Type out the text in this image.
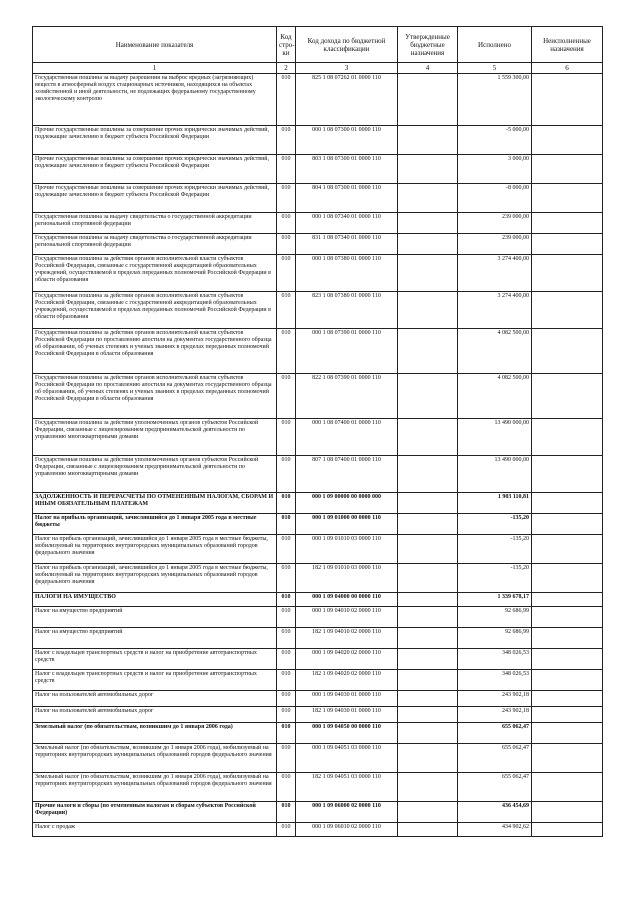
Наименование показателя	Код стро- ки	Код дохода по бюджетной классификации	Утвержденные бюджетные назначения	Исполнено	Неисполненные назначения
1	2	3	4	5	6
Государственная пошлина за выдачу разрешения на выброс вредных (загрязняющих) веществ в атмосферный воздух стационарных источников, находящихся на объектах хозяйственной и иной деятельности, не подлежащих федеральному государственному экологическому контролю	010	825 1 08 07262 01 0000 110		1 559 300,00	
Прочие государственные пошлины за совершение прочих юридически значимых действий, подлежащие зачислению в бюджет субъекта Российской Федерации	010	000 1 08 07300 01 0000 110		-5 000,00	
Прочие государственные пошлины за совершение прочих юридически значимых действий, подлежащие зачислению в бюджет субъекта Российской Федерации	010	803 1 08 07300 01 0000 110		3 000,00	
Прочие государственные пошлины за совершение прочих юридически значимых действий, подлежащие зачислению в бюджет субъекта Российской Федерации	010	804 1 08 07300 01 0000 110		-8 000,00	
Государственная пошлина за выдачу свидетельства о государственной аккредитации региональной спортивной федерации	010	000 1 08 07340 01 0000 110		239 000,00	
Государственная пошлина за выдачу свидетельства о государственной аккредитации региональной спортивной федерации	010	831 1 08 07340 01 0000 110		239 000,00	
Государственная пошлина за действия органов исполнительной власти субъектов Российской Федерации, связанные с государственной аккредитацией образовательных учреждений, осуществляемой в пределах переданных полномочий Российской Федерации в области образования	010	000 1 08 07380 01 0000 110		3 274 400,00	
Государственная пошлина за действия органов исполнительной власти субъектов Российской Федерации, связанные с государственной аккредитацией образовательных учреждений, осуществляемой в пределах переданных полномочий Российской Федерации в области образования	010	823 1 08 07380 01 0000 110		3 274 400,00	
Государственная пошлина за действия органов исполнительной власти субъектов Российской Федерации по проставлению апостиля на документах государственного образца об образовании, об ученых степенях и ученых званиях в пределах переданных полномочий Российской Федерации в области образования	010	000 1 08 07390 01 0000 110		4 082 500,00	
Государственная пошлина за действия органов исполнительной власти субъектов Российской Федерации по проставлению апостиля на документах государственного образца об образовании, об ученых степенях и ученых званиях в пределах переданных полномочий Российской Федерации в области образования	010	822 1 08 07390 01 0000 110		4 082 500,00	
Государственная пошлина за действия уполномоченных органов субъектов Российской Федерации, связанные с лицензированием предпринимательской деятельности по управлению многоквартирными домами	010	000 1 08 07400 01 0000 110		13 490 000,00	
Государственная пошлина за действия уполномоченных органов субъектов Российской Федерации, связанные с лицензированием предпринимательской деятельности по управлению многоквартирными домами	010	807 1 08 07400 01 0000 110		13 490 000,00	
ЗАДОЛЖЕННОСТЬ И ПЕРЕРАСЧЕТЫ ПО ОТМЕНЕННЫМ НАЛОГАМ, СБОРАМ И ИНЫМ ОБЯЗАТЕЛЬНЫМ ПЛАТЕЖАМ	010	000 1 09 00000 00 0000 000		1 903 110,81	
Налог на прибыль организаций, зачислявшийся до 1 января 2005 года в местные бюджеты	010	000 1 09 01000 00 0000 110		-135,20	
Налог на прибыль организаций, зачислявшийся до 1 января 2005 года в местные бюджеты, мобилизуемый на территориях внутригородских муниципальных образований городов федерального значения	010	000 1 09 01010 03 0000 110		-135,20	
Налог на прибыль организаций, зачислявшийся до 1 января 2005 года в местные бюджеты, мобилизуемый на территориях внутригородских муниципальных образований городов федерального значения	010	182 1 09 01010 03 0000 110		-135,20	
НАЛОГИ НА ИМУЩЕСТВО	010	000 1 09 04000 00 0000 110		1 339 678,17	
Налог на имущество предприятий	010	000 1 09 04010 02 0000 110		92 686,99	
Налог на имущество предприятий	010	182 1 09 04010 02 0000 110		92 686,99	
Налог с владельцев транспортных средств и налог на приобретение автотранспортных средств	010	000 1 09 04020 02 0000 110		348 026,53	
Налог с владельцев транспортных средств и налог на приобретение автотранспортных средств	010	182 1 09 04020 02 0000 110		348 026,53	
Налог на пользователей автомобильных дорог	010	000 1 09 04030 01 0000 110		243 902,18	
Налог на пользователей автомобильных дорог	010	182 1 09 04030 01 0000 110		243 902,18	
Земельный налог (по обязательствам, возникшим до 1 января 2006 года)	010	000 1 09 04050 00 0000 110		655 062,47	
Земельный налог (по обязательствам, возникшим до 1 января 2006 года), мобилизуемый на территориях внутригородских муниципальных образований городов федерального значения	010	000 1 09 04051 03 0000 110		655 062,47	
Земельный налог (по обязательствам, возникшим до 1 января 2006 года), мобилизуемый на территориях внутригородских муниципальных образований городов федерального значения	010	182 1 09 04051 03 0000 110		655 062,47	
Прочие налоги и сборы (по отмененным налогам и сборам субъектов Российской Федерации)	010	000 1 09 06000 02 0000 110		436 454,69	
Налог с продаж	010	000 1 09 06010 02 0000 110		434 902,62	
